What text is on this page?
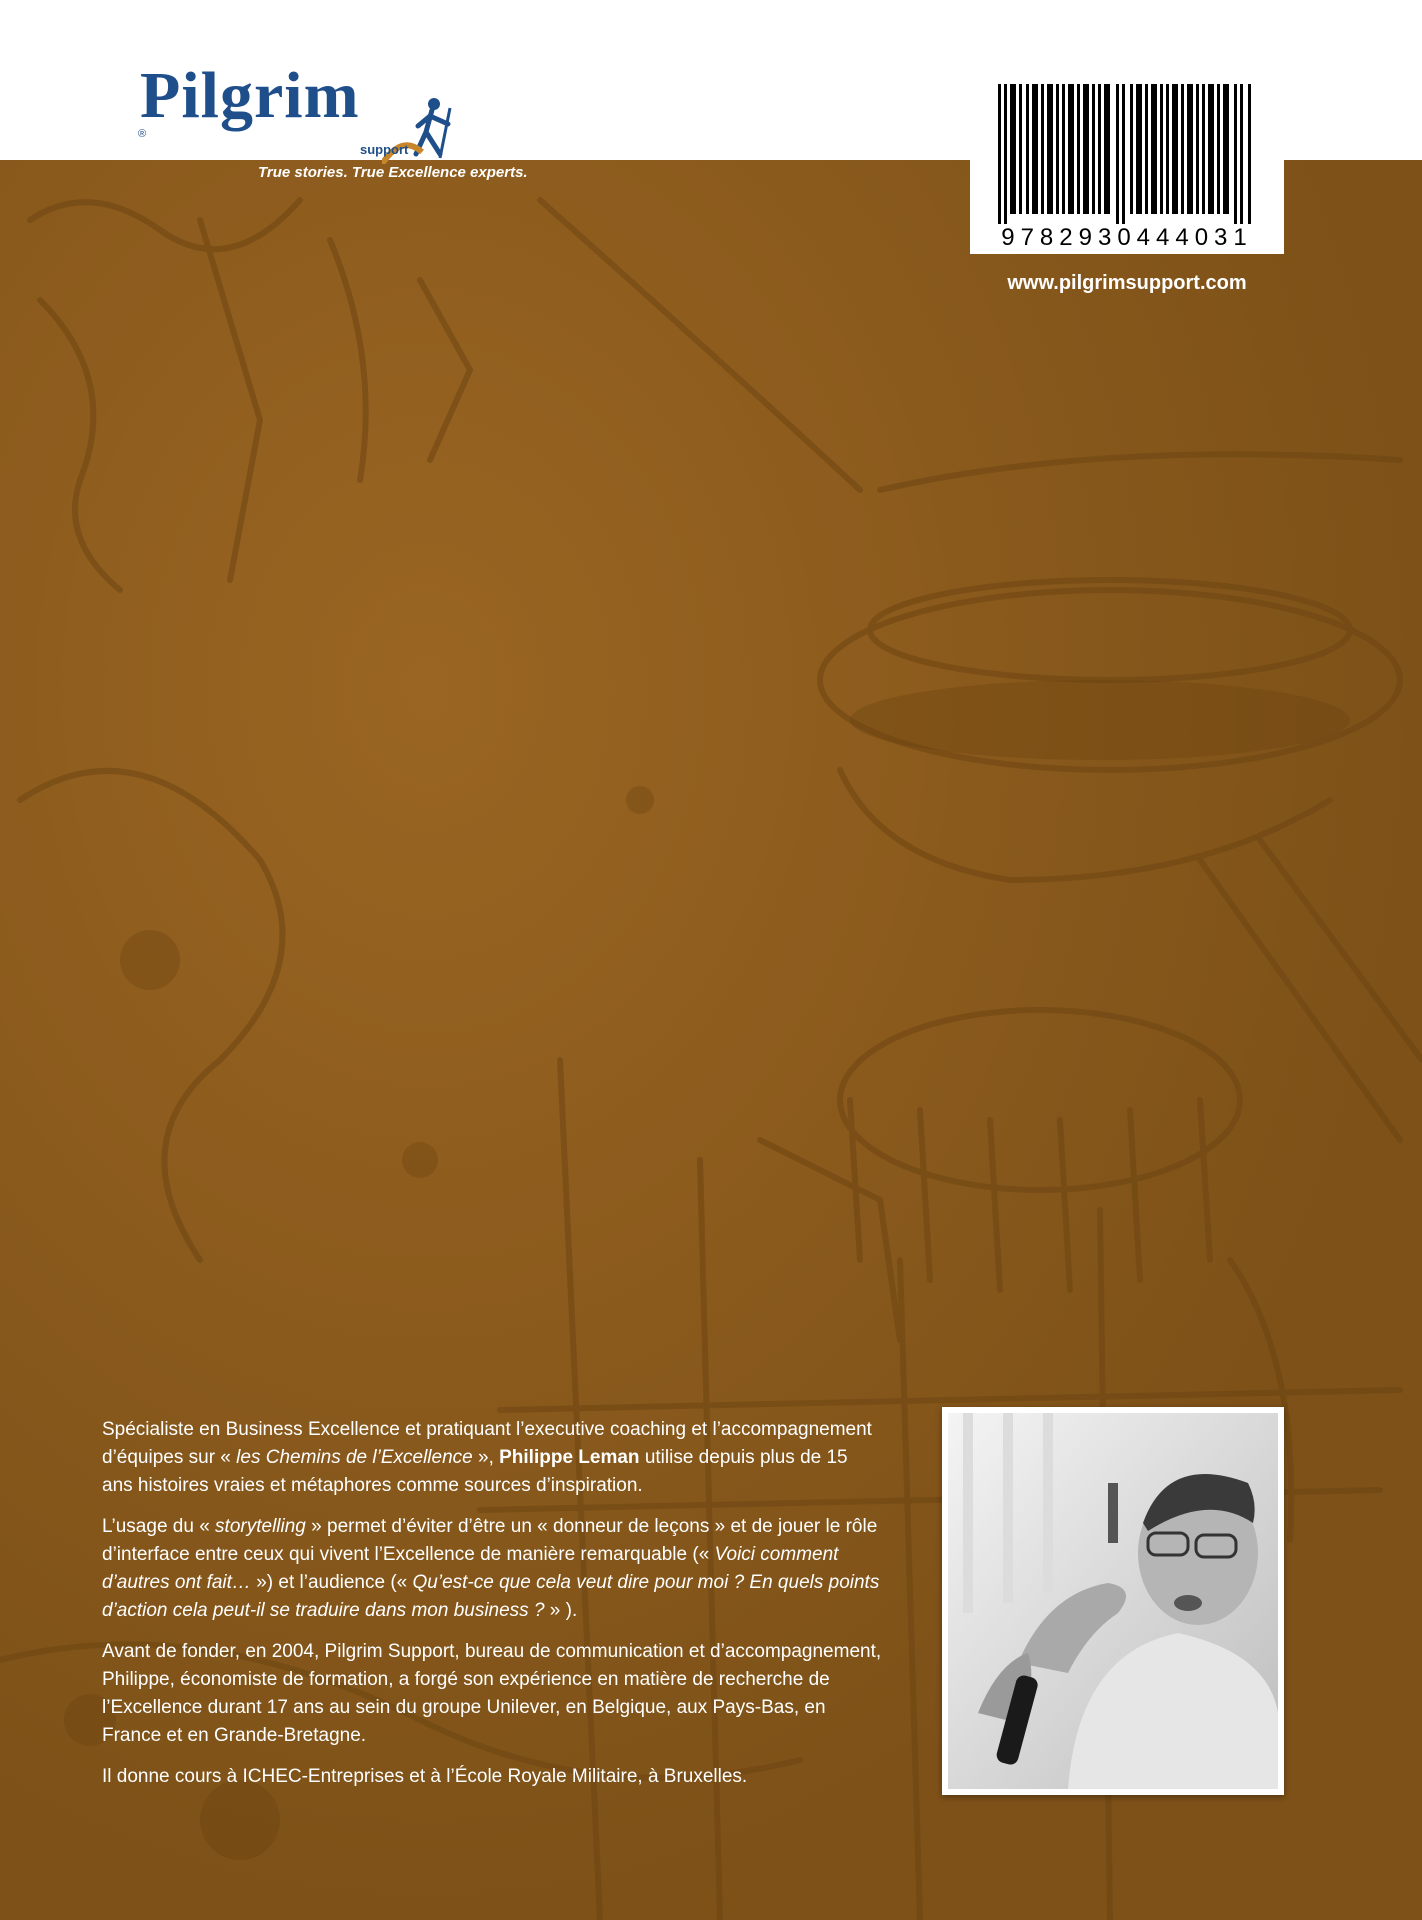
®
Pilgrim
support
True stories. True Excellence experts.
9782930444031
www.pilgrimsupport.com

Spécialiste en Business Excellence et pratiquant l’executive coaching et l’accompagnement d’équipes sur « les Chemins de l’Excellence », Philippe Leman utilise depuis plus de 15 ans histoires vraies et métaphores comme sources d’inspiration.

L’usage du « storytelling » permet d’éviter d’être un « donneur de leçons » et de jouer le rôle d’interface entre ceux qui vivent l’Excellence de manière remarquable (« Voici comment d’autres ont fait… ») et l’audience (« Qu’est-ce que cela veut dire pour moi ? En quels points d’action cela peut-il se traduire dans mon business ? » ).

Avant de fonder, en 2004, Pilgrim Support, bureau de communication et d’accompagnement, Philippe, économiste de formation, a forgé son expérience en matière de recherche de l’Excellence durant 17 ans au sein du groupe Unilever, en Belgique, aux Pays-Bas, en France et en Grande-Bretagne.

Il donne cours à ICHEC-Entreprises et à l’École Royale Militaire, à Bruxelles.
